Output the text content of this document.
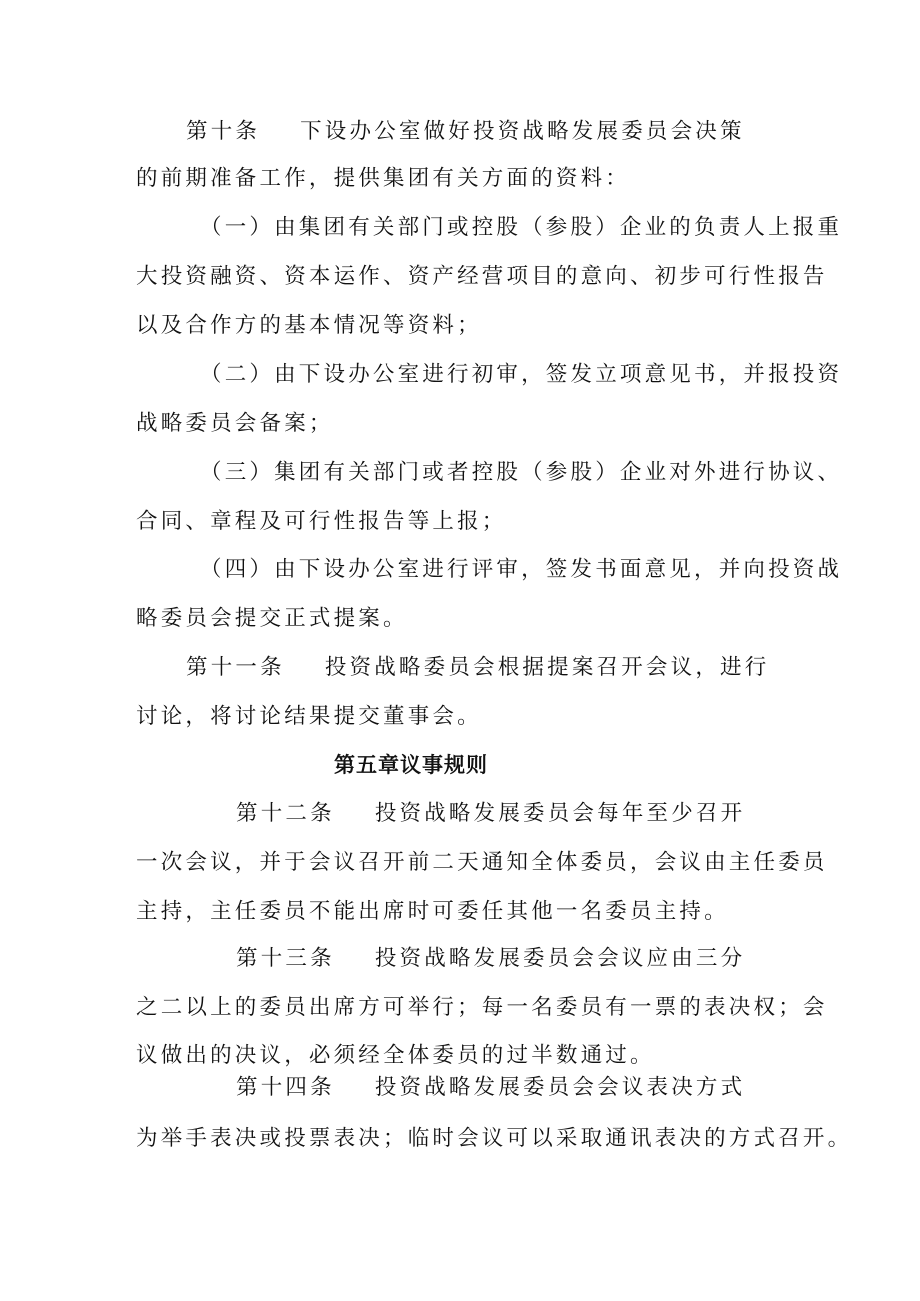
第十条 下设办公室做好投资战略发展委员会决策
的前期准备工作，提供集团有关方面的资料：
（一）由集团有关部门或控股（参股）企业的负责人上报重
大投资融资、资本运作、资产经营项目的意向、初步可行性报告
以及合作方的基本情况等资料；
（二）由下设办公室进行初审，签发立项意见书，并报投资
战略委员会备案；
（三）集团有关部门或者控股（参股）企业对外进行协议、
合同、章程及可行性报告等上报；
（四）由下设办公室进行评审，签发书面意见，并向投资战
略委员会提交正式提案。
第十一条 投资战略委员会根据提案召开会议，进行
讨论，将讨论结果提交董事会。
第五章议事规则
第十二条 投资战略发展委员会每年至少召开
一次会议，并于会议召开前二天通知全体委员，会议由主任委员
主持，主任委员不能出席时可委任其他一名委员主持。
第十三条 投资战略发展委员会会议应由三分
之二以上的委员出席方可举行；每一名委员有一票的表决权；会
议做出的决议，必须经全体委员的过半数通过。
第十四条 投资战略发展委员会会议表决方式
为举手表决或投票表决；临时会议可以采取通讯表决的方式召开。
